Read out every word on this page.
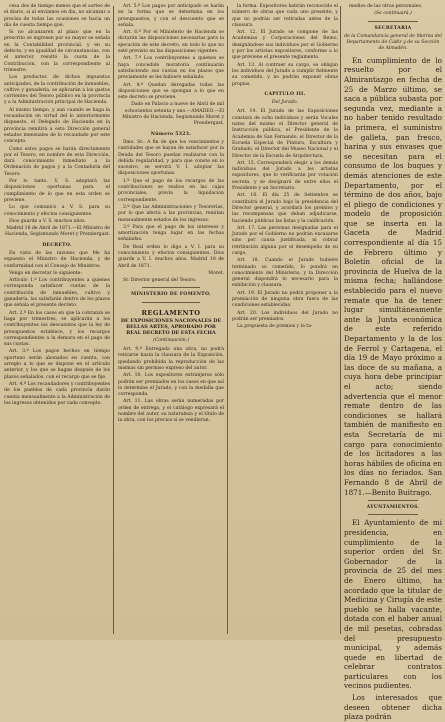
cesa dos de tiempo menos que el sorteo de el diario, si al enviamos en dia, no alcanzar a precisa de todas las ocasiones se hacia un día de cuesta tiempo que.

Si no alcanzaren al plazo que en la prescrito se ingresen por su mayor se señala en la Contabilidad provincial, y en su defecto, y en igualdad de circunstancias, con el anterior, resultó la cuota de la Contribución, con la correspondiente al trimestre.

Los productos de dichos impuestos anticipados, de la contribución de inmuebles, cultivo y ganadería, se aplicarán a los gastos corrientes del Tesoro público en la provincia y a la Administración principal de Hacienda.

Al mismo tiempo, y aun cuando se haga la recaudación en virtud del lo anteriormente dispuesto, el Delegado de Hacienda en la provincia remitirá a esta Dirección general estados mensuales de lo recaudado por este concepto.

Como estos pagos se harán directamente por el Tesoro, en nombre de esta Dirección, dará conocimiento inmediato a la Ordenación de pagos y a la Contaduría del Tesoro.

Por lo tanto, V. S. adoptará las disposiciones oportunas para el cumplimiento de lo que en esta orden se previene.

Lo que comunico a V. S. para su conocimiento y efectos consiguientes.

Dios guarde a V. S. muchos años.

Madrid 18 de Abril de 1871.—El Ministro de Hacienda, Segismundo Moret y Prendergast.

DECRETO.

En vista de las razones que Me ha expuesto el Ministro de Hacienda, y de conformidad con el Consejo de Ministros,

Vengo en decretar lo siguiente:

Artículo 1.º Los contribuyentes a quienes corresponda satisfacer cuotas de la contribución de inmuebles, cultivo y ganadería, las satisfarán dentro de los plazos que señala el presente decreto.

Art. 2.º En los casos en que la cobranza se haga por trimestres, se aplicarán a los contribuyentes los descuentos que la ley de presupuestos establece, y los recargos correspondientes a la demora en el pago de sus cuotas.

Art. 3.º Los pagos hechos en tiempo oportuno serán abonados en cuenta, con arreglo a lo que se dispone en el artículo anterior, y los que se hagan después de los plazos señalados, con el recargo que se fije.

Art. 4.º Los recaudadores y contribuyentes de los pueblos de cada provincia darán cuenta mensualmente a la Administración de los ingresos obtenidos por cada concepto.

Art. 5.º Los pagos por anticipado se harán en la forma que se determina en los presupuestos, y con el descuento que se señala.

Art. 6.º Por el Ministerio de Hacienda se dictarán las disposiciones necesarias para la ejecución de este decreto, en todo lo que no esté previsto en las disposiciones vigentes.

Art. 7.º Los contribuyentes a quienes se haya concedido moratoria continuarán satisfaciendo sus cuotas en los plazos que previamente se les hubiere señalado.

Art. 8.º Quedan derogadas todas las disposiciones que se opongan a lo que en este decreto se previene.

Dado en Palacio a nueve de Abril de mil ochocientos setenta y uno.—AMADEO.—El Ministro de Hacienda, Segismundo Moret y Prendergast.

Número 5323.

Ilmo. Sr.: A fin de que los vencimientos y cantidades que se hayan de satisfacer por la Deuda del Tesoro puedan realizarse con la debida regularidad, y para que conste en lo sucesivo, se servirá V. I. adoptar las disposiciones oportunas.

1.º Que el pago de los recargos de las contribuciones se realice en las cajas provinciales, previa la liquidación correspondiente.

2.º Que las Administraciones y Tesorerías, por lo que afecta a las provincias, remitan mensualmente estados de los ingresos.

3.º Para que el pago de los intereses y amortización tenga lugar en las fechas señaladas.

De Real orden lo digo a V. I. para su conocimiento y efectos consiguientes. Dios guarde a V. I. muchos años. Madrid 18 de Abril de 1871.

Moret.

Sr. Director general del Tesoro.

MINISTERIO DE FOMENTO.
REGLAMENTO
DE EXPOSICIONES NACIONALES DE BELLAS ARTES, APROBADO POR REAL DECRETO DE ESTA FECHA
(Continuación.)

Art. 9.º Entregada una obra, no podrá retirarse hasta la clausura de la Exposición, quedando prohibida la reproducción de las mismas sin permiso expreso del autor.

Art. 10. Los expositores extranjeros sólo podrán ser premiados en los casos en que así lo determine el Jurado, y con la medalla que corresponda.

Art. 11. Las obras serán numeradas por orden de entrega, y el catálogo expresará el nombre del autor, su naturaleza y el título de la obra, con los precios si se vendieran.

la forma. Expositores habrán reconocido el número de obras que cada uno presente, y que no podrán ser retiradas antes de la clausura.

Art. 12. El Jurado se compone de las Academias y Corporaciones del Reino, designándose sus individuos por el Gobierno y por los artistas expositores, conforme a lo que previene el presente reglamento.

Art. 13. Al contraer su cargo, se obligan los individuos del Jurado a cumplir fielmente su cometido, y no podrán exponer obras propias.

CAPITULO III.
Del Jurado.

Art. 14. El Jurado de las Exposiciones constará de ocho individuos y serán Vocales natos del mismo el Director general de Instrucción pública, el Presidente de la Academia de San Fernando, el Director de la Escuela Especial de Pintura, Escultura y Grabado, el Director del Museo Nacional y el Director de la Escuela de Arquitectura.

Art. 15. Corresponderá elegir a los demás individuos del Jurado a los artistas expositores, que lo verificarán por votación secreta, y se designará de entre ellos el Presidente y un Secretario.

Art. 16. El día 25 de Setiembre se constituirá el Jurado bajo la presidencia del Director general, y acordará los premios y las recompensas que deban adjudicarse, haciendo públicas las listas y la calificación.

Art. 17. Las personas designadas para el Jurado por el Gobierno no podrán excusarse sino por causa justificada, ni cobrar retribución alguna por el desempeño de su cargo.

Art. 18. Cuando el Jurado hubiere terminado su cometido, lo pondrá en conocimiento del Ministerio, y la Dirección general dispondrá lo necesario para la exhibición y clausura.

Art. 19. El Jurado no podrá proponer a la premiación de ninguna obra fuera de las condiciones establecidas.

Art. 20. Los individuos del Jurado no podrán ser premiados.

La propuesta de premios y la ta-

medios de las otras personales.

(Se continuará.)
SECRETARIA
de la Comandancia general de Marina del Departamento de Cádiz y de su Sección de Almadén.

En cumplimiento de lo resuelto por el Almirantazgo en fecha de 25 de Marzo último, se saca a pública subasta por segunda vez, mediante a no haber tenido resultado la primera, el suministro de galleta, pan fresco, harina y sus envases que se necesitan para el consumo de los buques y demás atenciones de este Departamento, por el término de dos años, bajo el pliego de condiciones y modelo de proposición que se inserta en la Gaceta de Madrid correspondiente al día 15 de Febrero último y Boletín oficial de la provincia de Huelva de la misma fecha; hallándose establecido para el nuevo remate que ha de tener lugar simultáneamente ante la Junta económica de este referido Departamento y la de los de Ferrol y Cartagena, el día 19 de Mayo próximo a las doce de su mañana, a cuya hora debe principiar el acto; siendo advertencia que el menor remate dentro de las condiciones se hallará también de manifiesto en esta Secretaría de mi cargo para conocimiento de los licitadores a las horas hábiles de oficina en los días no feriados. San Fernando 8 de Abril de 1871.—Benito Buitrago.

AYUNTAMIENTOS.

El Ayuntamiento de mi presidencia, en cumplimiento de la superior orden del Sr. Gobernador de la provincia de 25 del mes de Enero último, ha acordado que la titular de Medicina y Cirugía de este pueblo se halla vacante, dotada con el haber anual de mil pesetas, cobradas del presupuesto municipal, y además quede en libertad de celebrar contratos particulares con los vecinos pudientes.

Los interesados que deseen obtener dicha plaza podrán
